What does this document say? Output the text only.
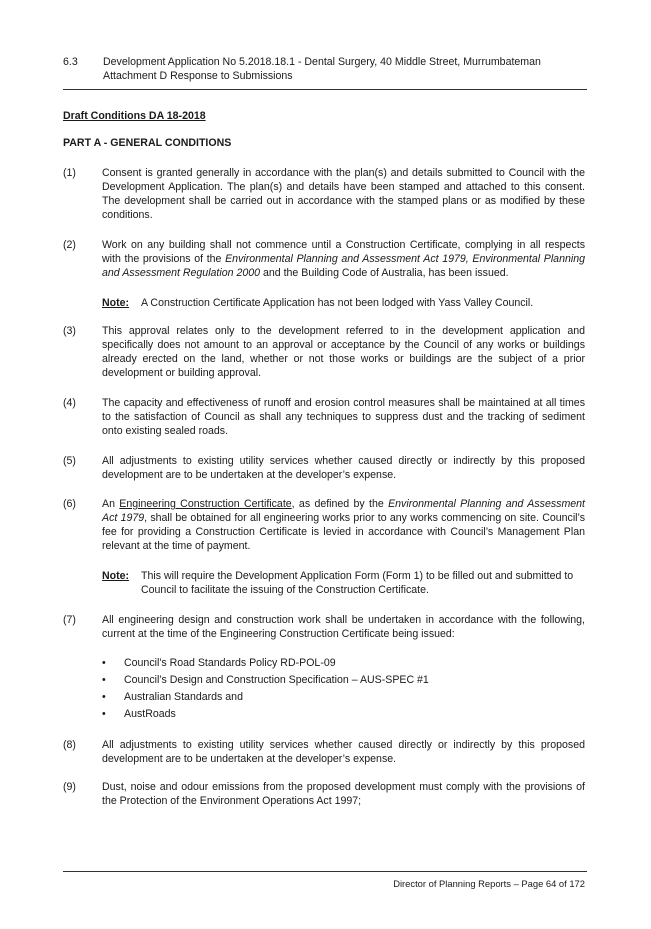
6.3 Development Application No 5.2018.18.1 - Dental Surgery, 40 Middle Street, Murrumbateman
Attachment D Response to Submissions
Draft Conditions DA 18-2018
PART A - GENERAL CONDITIONS
(1) Consent is granted generally in accordance with the plan(s) and details submitted to Council with the Development Application. The plan(s) and details have been stamped and attached to this consent. The development shall be carried out in accordance with the stamped plans or as modified by these conditions.
(2) Work on any building shall not commence until a Construction Certificate, complying in all respects with the provisions of the Environmental Planning and Assessment Act 1979, Environmental Planning and Assessment Regulation 2000 and the Building Code of Australia, has been issued.
Note: A Construction Certificate Application has not been lodged with Yass Valley Council.
(3) This approval relates only to the development referred to in the development application and specifically does not amount to an approval or acceptance by the Council of any works or buildings already erected on the land, whether or not those works or buildings are the subject of a prior development or building approval.
(4) The capacity and effectiveness of runoff and erosion control measures shall be maintained at all times to the satisfaction of Council as shall any techniques to suppress dust and the tracking of sediment onto existing sealed roads.
(5) All adjustments to existing utility services whether caused directly or indirectly by this proposed development are to be undertaken at the developer’s expense.
(6) An Engineering Construction Certificate, as defined by the Environmental Planning and Assessment Act 1979, shall be obtained for all engineering works prior to any works commencing on site. Council’s fee for providing a Construction Certificate is levied in accordance with Council’s Management Plan relevant at the time of payment.
Note: This will require the Development Application Form (Form 1) to be filled out and submitted to Council to facilitate the issuing of the Construction Certificate.
(7) All engineering design and construction work shall be undertaken in accordance with the following, current at the time of the Engineering Construction Certificate being issued:
• Council's Road Standards Policy RD-POL-09
• Council’s Design and Construction Specification – AUS-SPEC #1
• Australian Standards and
• AustRoads
(8) All adjustments to existing utility services whether caused directly or indirectly by this proposed development are to be undertaken at the developer’s expense.
(9) Dust, noise and odour emissions from the proposed development must comply with the provisions of the Protection of the Environment Operations Act 1997;
Director of Planning Reports – Page 64 of 172
